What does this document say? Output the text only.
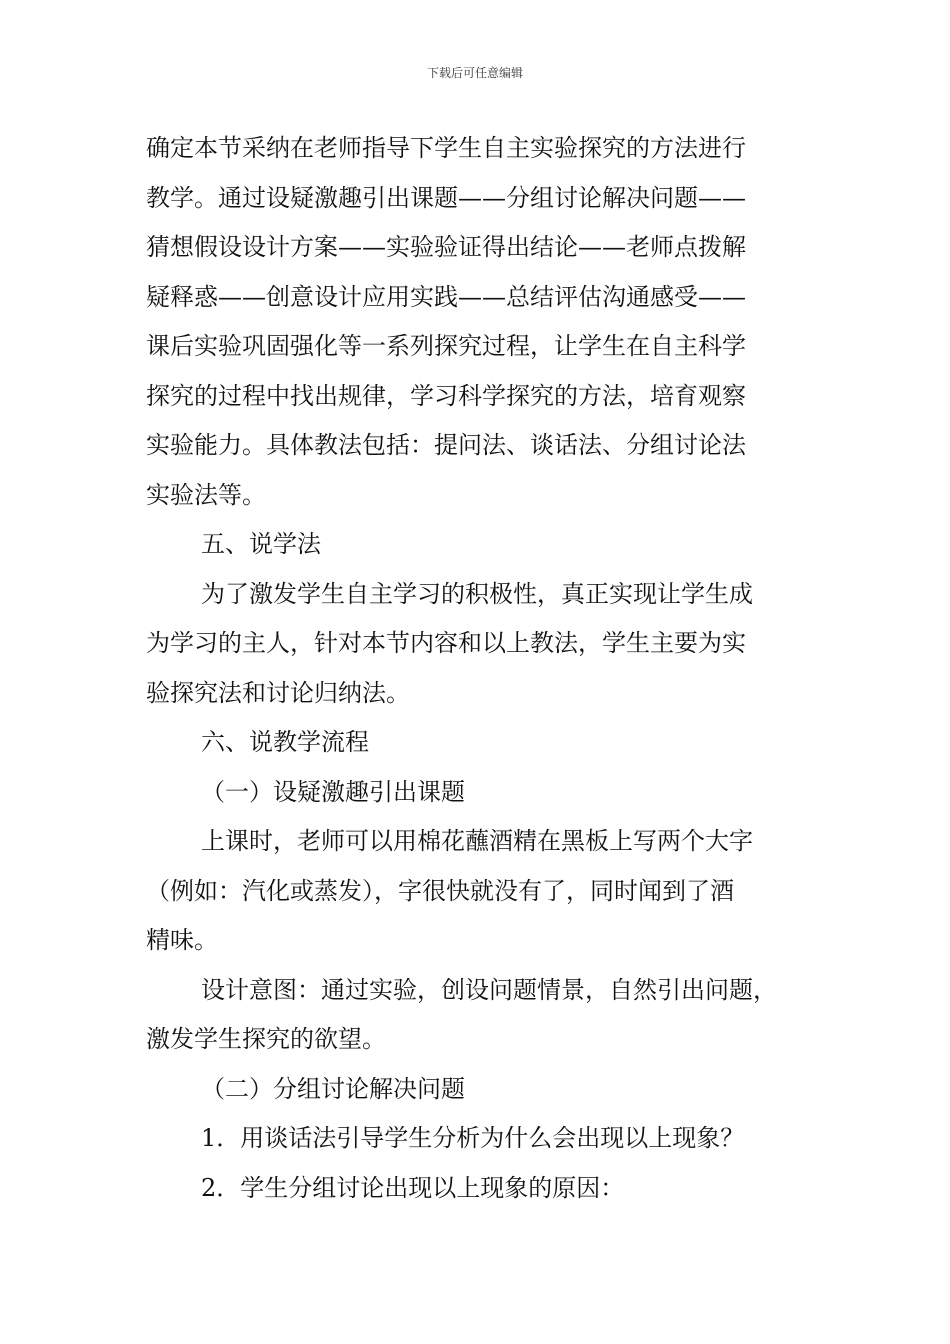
下载后可任意编辑

确定本节采纳在老师指导下学生自主实验探究的方法进行

教学。通过设疑激趣引出课题——分组讨论解决问题——

猜想假设设计方案——实验验证得出结论——老师点拨解

疑释惑——创意设计应用实践——总结评估沟通感受——

课后实验巩固强化等一系列探究过程，让学生在自主科学

探究的过程中找出规律，学习科学探究的方法，培育观察

实验能力。具体教法包括：提问法、谈话法、分组讨论法

实验法等。

五、说学法

为了激发学生自主学习的积极性，真正实现让学生成

为学习的主人，针对本节内容和以上教法，学生主要为实

验探究法和讨论归纳法。

六、说教学流程

（一）设疑激趣引出课题

上课时，老师可以用棉花蘸酒精在黑板上写两个大字

（例如：汽化或蒸发），字很快就没有了，同时闻到了酒

精味。

设计意图：通过实验，创设问题情景，自然引出问题，

激发学生探究的欲望。

（二）分组讨论解决问题

1．用谈话法引导学生分析为什么会出现以上现象？

2．学生分组讨论出现以上现象的原因：
